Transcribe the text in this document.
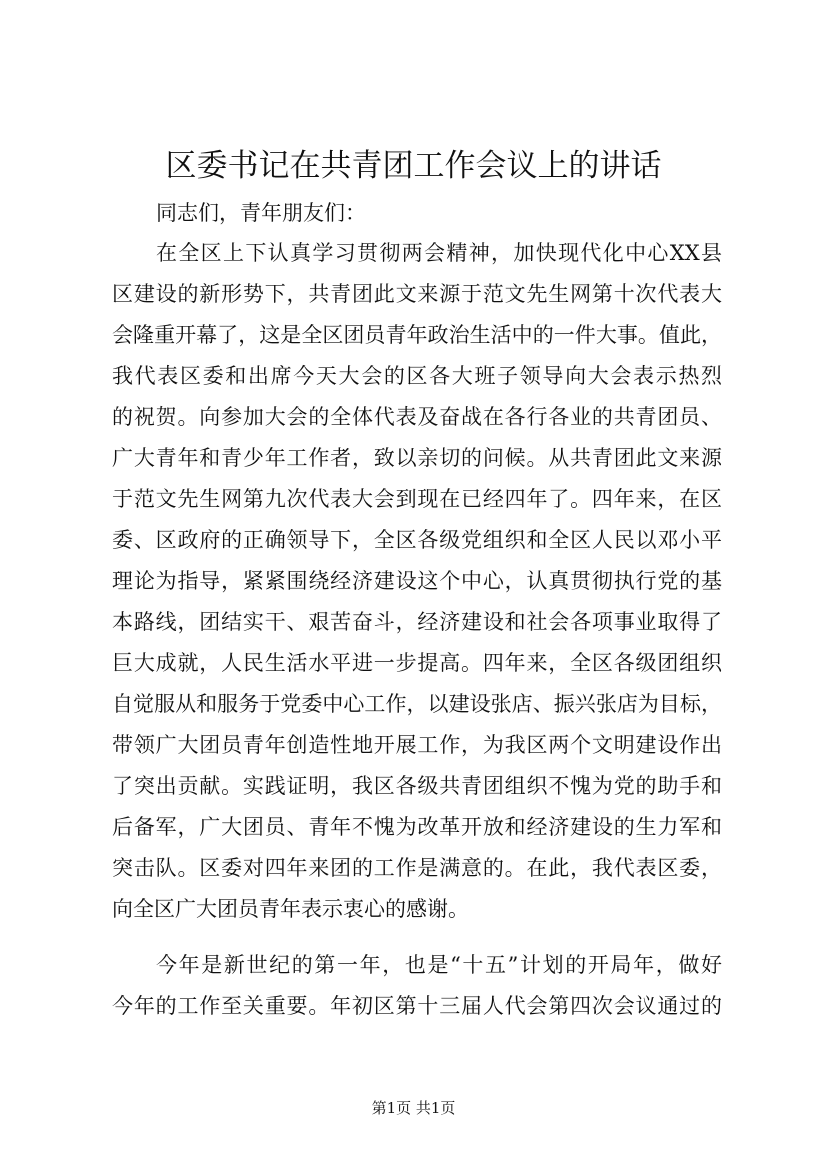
区委书记在共青团工作会议上的讲话
同志们，青年朋友们：
在全区上下认真学习贯彻两会精神，加快现代化中心XX县
区建设的新形势下，共青团此文来源于范文先生网第十次代表大
会隆重开幕了，这是全区团员青年政治生活中的一件大事。值此，
我代表区委和出席今天大会的区各大班子领导向大会表示热烈
的祝贺。向参加大会的全体代表及奋战在各行各业的共青团员、
广大青年和青少年工作者，致以亲切的问候。从共青团此文来源
于范文先生网第九次代表大会到现在已经四年了。四年来，在区
委、区政府的正确领导下，全区各级党组织和全区人民以邓小平
理论为指导，紧紧围绕经济建设这个中心，认真贯彻执行党的基
本路线，团结实干、艰苦奋斗，经济建设和社会各项事业取得了
巨大成就，人民生活水平进一步提高。四年来，全区各级团组织
自觉服从和服务于党委中心工作，以建设张店、振兴张店为目标，
带领广大团员青年创造性地开展工作，为我区两个文明建设作出
了突出贡献。实践证明，我区各级共青团组织不愧为党的助手和
后备军，广大团员、青年不愧为改革开放和经济建设的生力军和
突击队。区委对四年来团的工作是满意的。在此，我代表区委，
向全区广大团员青年表示衷心的感谢。
今年是新世纪的第一年，也是“十五”计划的开局年，做好
今年的工作至关重要。年初区第十三届人代会第四次会议通过的
第1页 共1页
